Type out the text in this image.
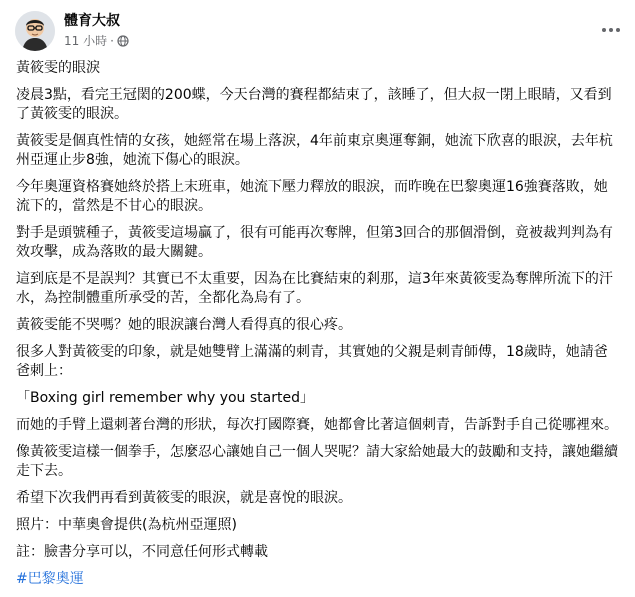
體育大叔
11 小時 ·

黃筱雯的眼淚

凌晨3點，看完王冠閎的200蝶，今天台灣的賽程都結束了，該睡了，但大叔一閉上眼睛，又看到了黃筱雯的眼淚。

黃筱雯是個真性情的女孩，她經常在場上落淚，4年前東京奧運奪銅，她流下欣喜的眼淚，去年杭州亞運止步8強，她流下傷心的眼淚。

今年奧運資格賽她終於搭上末班車，她流下壓力釋放的眼淚，而昨晚在巴黎奧運16強賽落敗，她流下的，當然是不甘心的眼淚。

對手是頭號種子，黃筱雯這場贏了，很有可能再次奪牌，但第3回合的那個滑倒，竟被裁判判為有效攻擊，成為落敗的最大關鍵。

這到底是不是誤判？其實已不太重要，因為在比賽結束的剎那，這3年來黃筱雯為奪牌所流下的汗水，為控制體重所承受的苦，全都化為烏有了。

黃筱雯能不哭嗎？她的眼淚讓台灣人看得真的很心疼。

很多人對黃筱雯的印象，就是她雙臂上滿滿的刺青，其實她的父親是刺青師傅，18歲時，她請爸爸刺上：

「Boxing girl remember why you started」

而她的手臂上還刺著台灣的形狀，每次打國際賽，她都會比著這個刺青，告訴對手自己從哪裡來。

像黃筱雯這樣一個拳手，怎麼忍心讓她自己一個人哭呢？請大家給她最大的鼓勵和支持，讓她繼續走下去。

希望下次我們再看到黃筱雯的眼淚，就是喜悅的眼淚。

照片：中華奧會提供(為杭州亞運照)

註：臉書分享可以，不同意任何形式轉載

#巴黎奧運
